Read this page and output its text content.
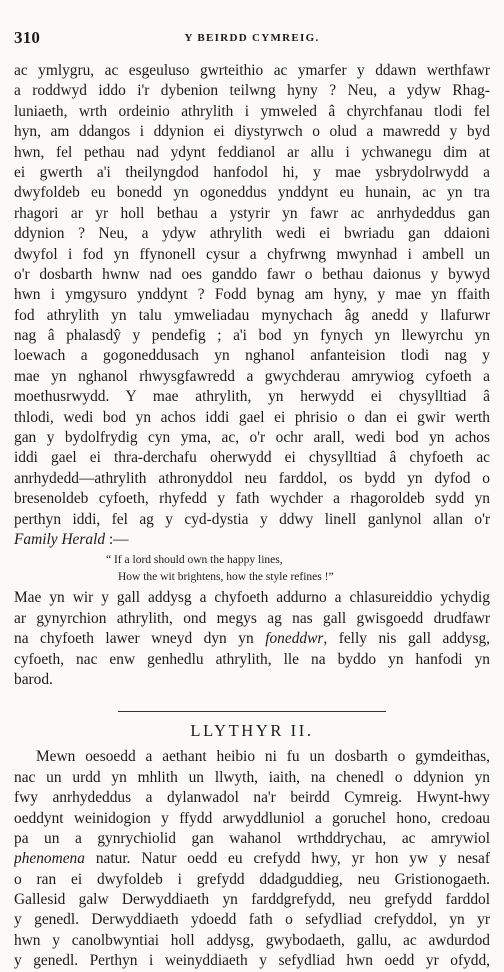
310	Y BEIRDD CYMREIG.
ac ymlygru, ac esgeuluso gwrteithio ac ymarfer y ddawn werthfawr
a roddwyd iddo i'r dybenion teilwng hyny ? Neu, a ydyw Rhag-
luniaeth, wrth ordeinio athrylith i ymweled â chyrchfanau tlodi fel
hyn, am ddangos i ddynion ei diystyrwch o olud a mawredd y byd
hwn, fel pethau nad ydynt feddianol ar allu i ychwanegu dim at
ei gwerth a'i theilyngdod hanfodol hi, y mae ysbrydolrwydd a
dwyfoldeb eu bonedd yn ogoneddus ynddynt eu hunain, ac yn tra
rhagori ar yr holl bethau a ystyrir yn fawr ac anrhydeddus gan
ddynion ? Neu, a ydyw athrylith wedi ei bwriadu gan ddaioni
dwyfol i fod yn ffynonell cysur a chyfrwng mwynhad i ambell un
o'r dosbarth hwnw nad oes ganddo fawr o bethau daionus y bywyd
hwn i ymgysuro ynddynt ? Fodd bynag am hyny, y mae yn ffaith
fod athrylith yn talu ymweliadau mynychach âg anedd y llafurwr
nag â phalasdŷ y pendefig ; a'i bod yn fynych yn llewyrchu yn
loewach a gogoneddusach yn nghanol anfanteision tlodi nag y
mae yn nghanol rhwysgfawredd a gwychderau amrywiog cyfoeth a
moethusrwydd. Y mae athrylith, yn herwydd ei chysylltiad â
thlodi, wedi bod yn achos iddi gael ei phrisio o dan ei gwir werth
gan y bydolfrydig cyn yma, ac, o'r ochr arall, wedi bod yn achos
iddi gael ei thra-derchafu oherwydd ei chysylltiad â chyfoeth ac
anrhydedd—athrylith athronyddol neu farddol, os bydd yn dyfod o
bresenoldeb cyfoeth, rhyfedd y fath wychder a rhagoroldeb sydd yn
perthyn iddi, fel ag y cyd-dystia y ddwy linell ganlynol allan o'r
Family Herald :—
“ If a lord should own the happy lines,
How the wit brightens, how the style refines !”
Mae yn wir y gall addysg a chyfoeth addurno a chlasureiddio ychydig
ar gynyrchion athrylith, ond megys ag nas gall gwisgoedd drudfawr
na chyfoeth lawer wneyd dyn yn foneddwr, felly nis gall addysg,
cyfoeth, nac enw genhedlu athrylith, lle na byddo yn hanfodi yn
barod.
LLYTHYR II.
Mewn oesoedd a aethant heibio ni fu un dosbarth o gymdeithas,
nac un urdd yn mhlith un llwyth, iaith, na chenedl o ddynion yn
fwy anrhydeddus a dylanwadol na'r beirdd Cymreig. Hwynt-hwy
oeddynt weinidogion y ffydd arwyddluniol a goruchel hono, credoau
pa un a gynrychiolid gan wahanol wrthddrychau, ac amrywiol
phenomena natur. Natur oedd eu crefydd hwy, yr hon yw y nesaf
o ran ei dwyfoldeb i grefydd ddadguddieg, neu Gristionogaeth.
Gallesid galw Derwyddiaeth yn farddgrefydd, neu grefydd farddol
y genedl. Derwyddiaeth ydoedd fath o sefydliad crefyddol, yn yr
hwn y canolbwyntiai holl addysg, gwybodaeth, gallu, ac awdurdod
y genedl. Perthyn i weinyddiaeth y sefydliad hwn oedd yr ofydd,
